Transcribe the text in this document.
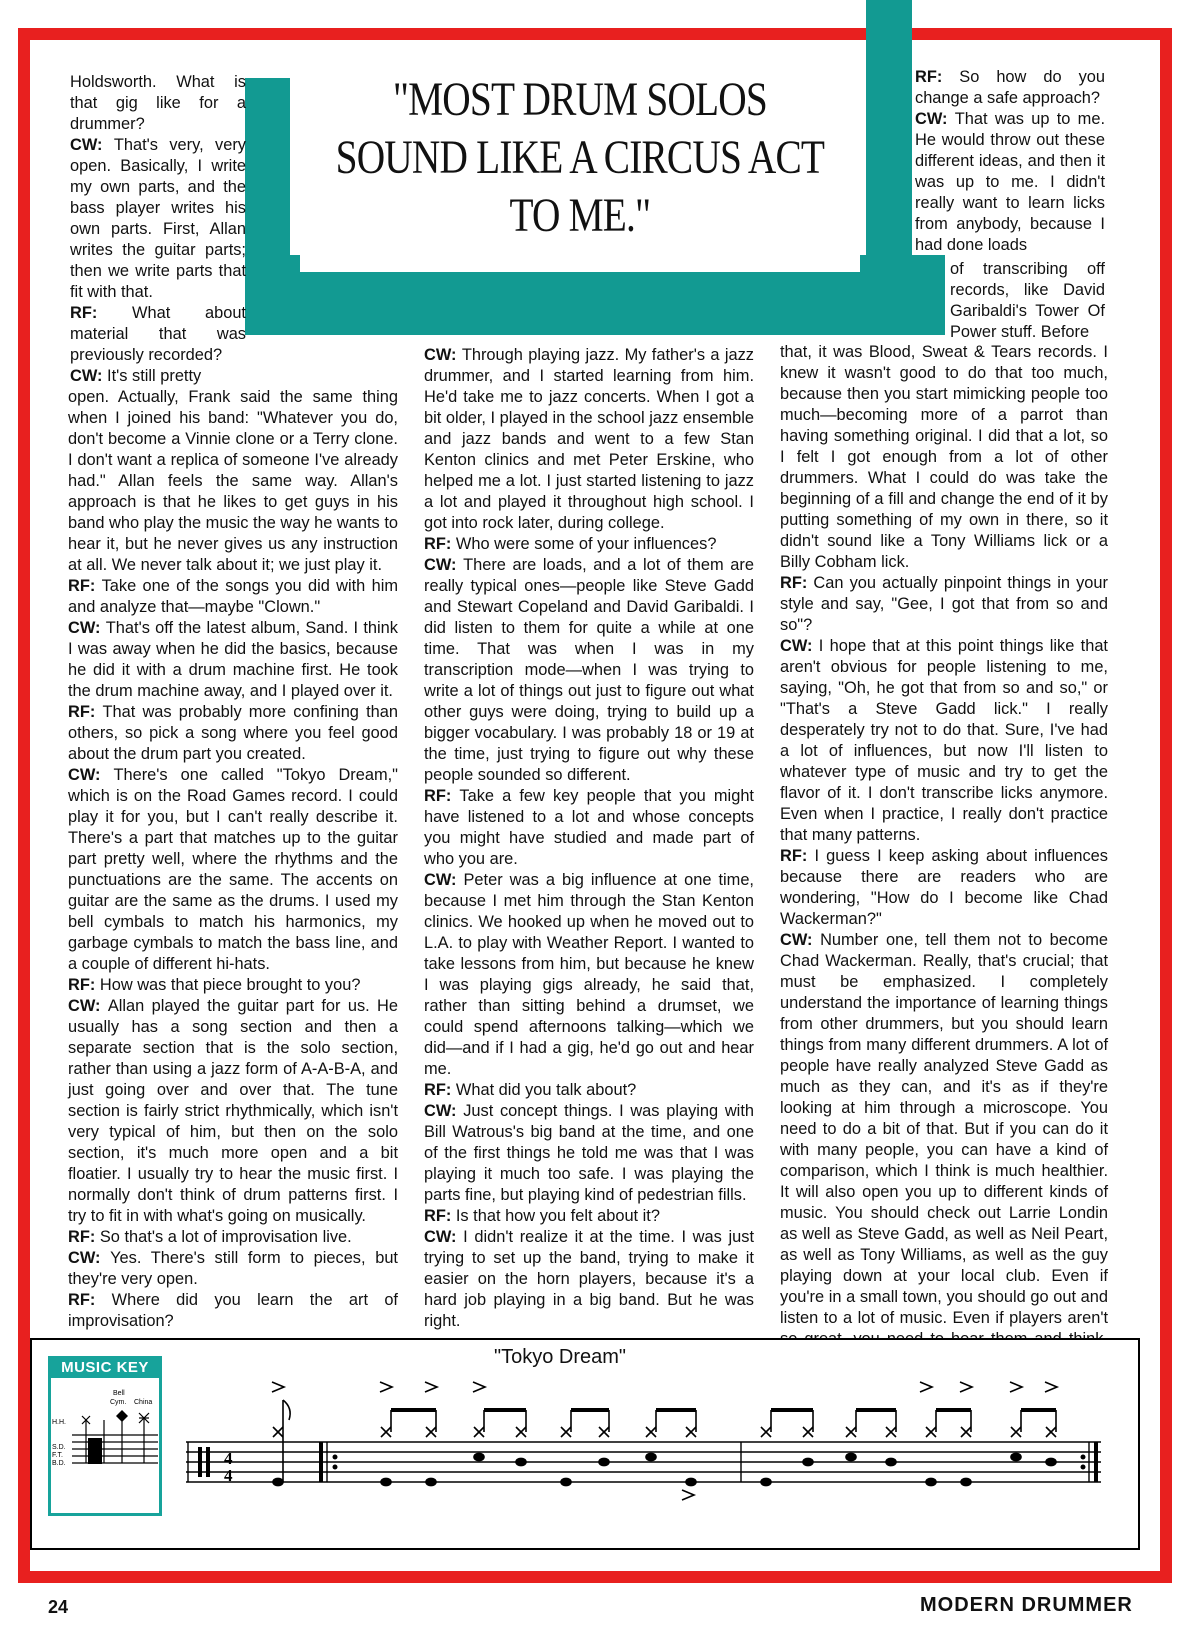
"MOST DRUM SOLOS
SOUND LIKE A CIRCUS ACT
TO ME."

Holdsworth. What is that gig like for a drummer?

CW: That's very, very open. Basically, I write my own parts, and the bass player writes his own parts. First, Allan writes the guitar parts; then we write parts that fit with that.

RF: What about material that was previously recorded?

CW: It's still pretty

open. Actually, Frank said the same thing when I joined his band: "Whatever you do, don't become a Vinnie clone or a Terry clone. I don't want a replica of someone I've already had." Allan feels the same way. Allan's approach is that he likes to get guys in his band who play the music the way he wants to hear it, but he never gives us any instruction at all. We never talk about it; we just play it.

RF: Take one of the songs you did with him and analyze that—maybe "Clown."

CW: That's off the latest album, Sand. I think I was away when he did the basics, because he did it with a drum machine first. He took the drum machine away, and I played over it.

RF: That was probably more confining than others, so pick a song where you feel good about the drum part you created.

CW: There's one called "Tokyo Dream," which is on the Road Games record. I could play it for you, but I can't really describe it. There's a part that matches up to the guitar part pretty well, where the rhythms and the punctuations are the same. The accents on guitar are the same as the drums. I used my bell cymbals to match his harmonics, my garbage cymbals to match the bass line, and a couple of different hi-hats.

RF: How was that piece brought to you?

CW: Allan played the guitar part for us. He usually has a song section and then a separate section that is the solo section, rather than using a jazz form of A-A-B-A, and just going over and over that. The tune section is fairly strict rhythmically, which isn't very typical of him, but then on the solo section, it's much more open and a bit floatier. I usually try to hear the music first. I normally don't think of drum patterns first. I try to fit in with what's going on musically.

RF: So that's a lot of improvisation live.

CW: Yes. There's still form to pieces, but they're very open.

RF: Where did you learn the art of improvisation?

CW: Through playing jazz. My father's a jazz drummer, and I started learning from him. He'd take me to jazz concerts. When I got a bit older, I played in the school jazz ensemble and jazz bands and went to a few Stan Kenton clinics and met Peter Erskine, who helped me a lot. I just started listening to jazz a lot and played it throughout high school. I got into rock later, during college.

RF: Who were some of your influences?

CW: There are loads, and a lot of them are really typical ones—people like Steve Gadd and Stewart Copeland and David Garibaldi. I did listen to them for quite a while at one time. That was when I was in my transcription mode—when I was trying to write a lot of things out just to figure out what other guys were doing, trying to build up a bigger vocabulary. I was probably 18 or 19 at the time, just trying to figure out why these people sounded so different.

RF: Take a few key people that you might have listened to a lot and whose concepts you might have studied and made part of who you are.

CW: Peter was a big influence at one time, because I met him through the Stan Kenton clinics. We hooked up when he moved out to L.A. to play with Weather Report. I wanted to take lessons from him, but because he knew I was playing gigs already, he said that, rather than sitting behind a drumset, we could spend afternoons talking—which we did—and if I had a gig, he'd go out and hear me.

RF: What did you talk about?

CW: Just concept things. I was playing with Bill Watrous's big band at the time, and one of the first things he told me was that I was playing it much too safe. I was playing the parts fine, but playing kind of pedestrian fills.

RF: Is that how you felt about it?

CW: I didn't realize it at the time. I was just trying to set up the band, trying to make it easier on the horn players, because it's a hard job playing in a big band. But he was right.

RF: So how do you change a safe approach?

CW: That was up to me. He would throw out these different ideas, and then it was up to me. I didn't really want to learn licks from anybody, because I had done loads

of transcribing off records, like David Garibaldi's Tower Of Power stuff. Before

that, it was Blood, Sweat & Tears records. I knew it wasn't good to do that too much, because then you start mimicking people too much—becoming more of a parrot than having something original. I did that a lot, so I felt I got enough from a lot of other drummers. What I could do was take the beginning of a fill and change the end of it by putting something of my own in there, so it didn't sound like a Tony Williams lick or a Billy Cobham lick.

RF: Can you actually pinpoint things in your style and say, "Gee, I got that from so and so"?

CW: I hope that at this point things like that aren't obvious for people listening to me, saying, "Oh, he got that from so and so," or "That's a Steve Gadd lick." I really desperately try not to do that. Sure, I've had a lot of influences, but now I'll listen to whatever type of music and try to get the flavor of it. I don't transcribe licks anymore. Even when I practice, I really don't practice that many patterns.

RF: I guess I keep asking about influences because there are readers who are wondering, "How do I become like Chad Wackerman?"

CW: Number one, tell them not to become Chad Wackerman. Really, that's crucial; that must be emphasized. I completely understand the importance of learning things from other drummers, but you should learn things from many different drummers. A lot of people have really analyzed Steve Gadd as much as they can, and it's as if they're looking at him through a microscope. You need to do a bit of that. But if you can do it with many people, you can have a kind of comparison, which I think is much healthier. It will also open you up to different kinds of music. You should check out Larrie Londin as well as Steve Gadd, as well as Neil Peart, as well as Tony Williams, as well as the guy playing down at your local club. Even if you're in a small town, you should go out and listen to a lot of music. Even if players aren't

MUSIC KEY
Bell
Cym. China
H.H.
S.D.
F.T.
B.D.
"Tokyo Dream"
4
4
24	MODERN DRUMMER
